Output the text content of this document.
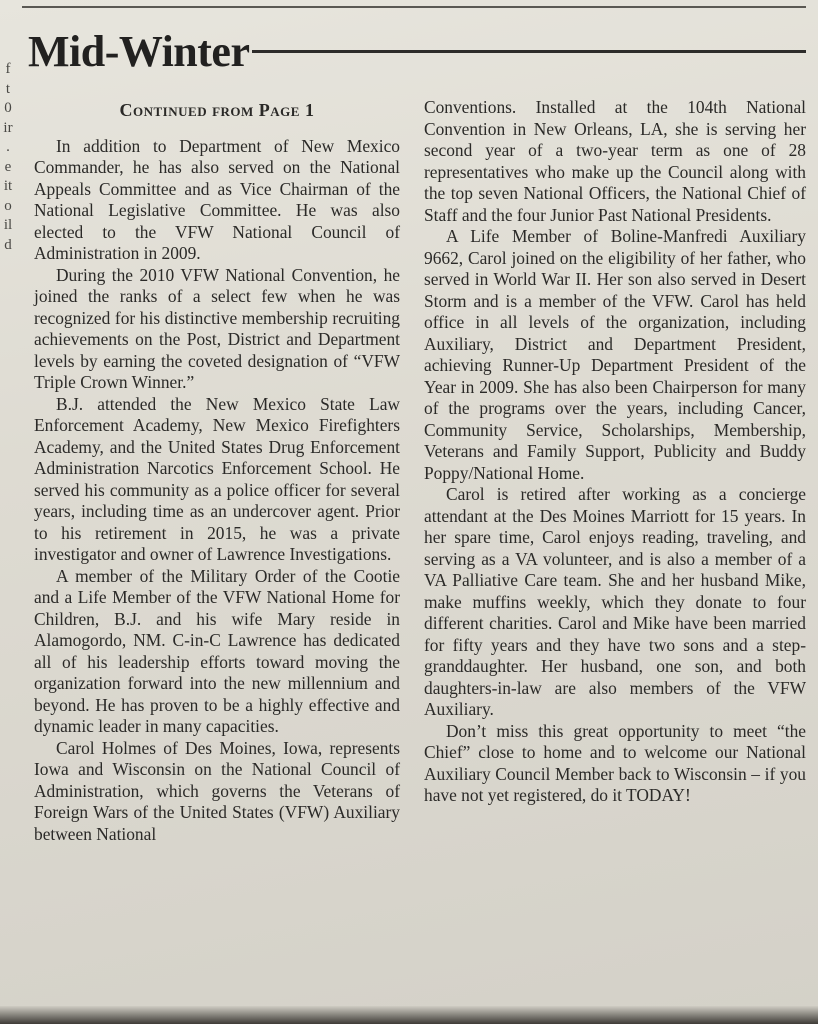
f
t
0
ir
.
e
it
o
il
d
Mid-Winter
Continued from Page 1

In addition to Department of New Mexico Commander, he has also served on the National Appeals Committee and as Vice Chairman of the National Legislative Committee. He was also elected to the VFW National Council of Administration in 2009.

During the 2010 VFW National Convention, he joined the ranks of a select few when he was recognized for his distinctive membership recruiting achievements on the Post, District and Department levels by earning the coveted designation of “VFW Triple Crown Winner.”

B.J. attended the New Mexico State Law Enforcement Academy, New Mexico Firefighters Academy, and the United States Drug Enforcement Administration Narcotics Enforcement School. He served his community as a police officer for several years, including time as an undercover agent. Prior to his retirement in 2015, he was a private investigator and owner of Lawrence Investigations.

A member of the Military Order of the Cootie and a Life Member of the VFW National Home for Children, B.J. and his wife Mary reside in Alamogordo, NM. C-in-C Lawrence has dedicated all of his leadership efforts toward moving the organization forward into the new millennium and beyond. He has proven to be a highly effective and dynamic leader in many capacities.

Carol Holmes of Des Moines, Iowa, represents Iowa and Wisconsin on the National Council of Administration, which governs the Veterans of Foreign Wars of the United States (VFW) Auxiliary between National

Conventions. Installed at the 104th National Convention in New Orleans, LA, she is serving her second year of a two-year term as one of 28 representatives who make up the Council along with the top seven National Officers, the National Chief of Staff and the four Junior Past National Presidents.

A Life Member of Boline-Manfredi Auxiliary 9662, Carol joined on the eligibility of her father, who served in World War II. Her son also served in Desert Storm and is a member of the VFW. Carol has held office in all levels of the organization, including Auxiliary, District and Department President, achieving Runner-Up Department President of the Year in 2009. She has also been Chairperson for many of the programs over the years, including Cancer, Community Service, Scholarships, Membership, Veterans and Family Support, Publicity and Buddy Poppy/National Home.

Carol is retired after working as a concierge attendant at the Des Moines Marriott for 15 years. In her spare time, Carol enjoys reading, traveling, and serving as a VA volunteer, and is also a member of a VA Palliative Care team. She and her husband Mike, make muffins weekly, which they donate to four different charities. Carol and Mike have been married for fifty years and they have two sons and a step-granddaughter. Her husband, one son, and both daughters-in-law are also members of the VFW Auxiliary.

Don’t miss this great opportunity to meet “the Chief” close to home and to welcome our National Auxiliary Council Member back to Wisconsin – if you have not yet registered, do it TODAY!
